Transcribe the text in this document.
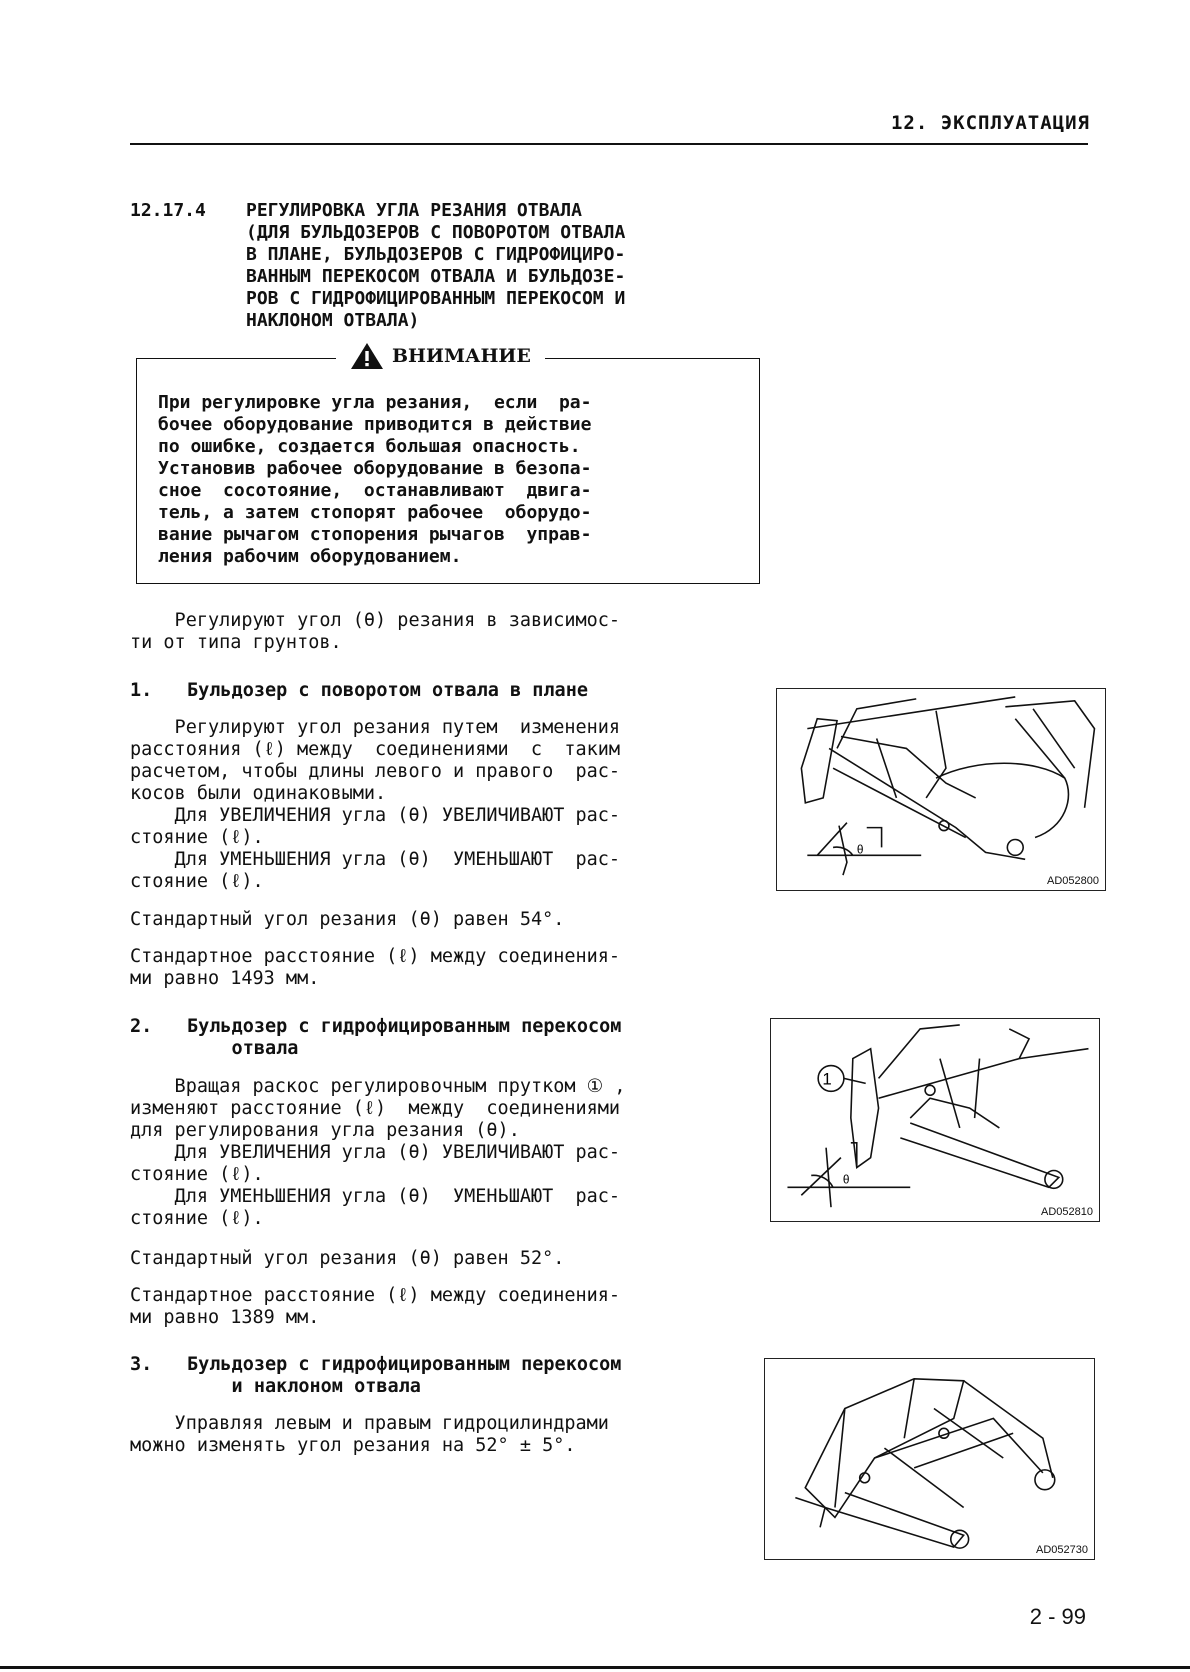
12. ЭКСПЛУАТАЦИЯ
12.17.4 РЕГУЛИРОВКА УГЛА РЕЗАНИЯ ОТВАЛА
(ДЛЯ БУЛЬДОЗЕРОВ С ПОВОРОТОМ ОТВАЛА
В ПЛАНЕ, БУЛЬДОЗЕРОВ С ГИДРОФИЦИРО-
ВАННЫМ ПЕРЕКОСОМ ОТВАЛА И БУЛЬДОЗЕ-
РОВ С ГИДРОФИЦИРОВАННЫМ ПЕРЕКОСОМ И
НАКЛОНОМ ОТВАЛА)
ВНИМАНИЕ
При регулировке угла резания,  если  ра-
бочее оборудование приводится в действие
по ошибке, создается большая опасность.
Установив рабочее оборудование в безопа-
сное  сосотояние,  останавливают  двига-
тель, а затем стопорят рабочее  оборудо-
вание рычагом стопорения рычагов  управ-
ления рабочим оборудованием.
Регулируют угол (θ) резания в зависимос-
ти от типа грунтов.
1. Бульдозер с поворотом отвала в плане
Регулируют угол резания путем  изменения
расстояния (ℓ) между  соединениями  с  таким
расчетом, чтобы длины левого и правого  рас-
косов были одинаковыми.
Для УВЕЛИЧЕНИЯ угла (θ) УВЕЛИЧИВАЮТ рас-
стояние (ℓ).
Для УМЕНЬШЕНИЯ угла (θ)  УМЕНЬШАЮТ  рас-
стояние (ℓ).
Стандартный угол резания (θ) равен 54°.
Стандартное расстояние (ℓ) между соединения-
ми равно 1493 мм.
θ
AD052800
2. Бульдозер с гидрофицированным перекосом
отвала
Вращая раскос регулировочным прутком ① ,
изменяют расстояние (ℓ)  между  соединениями
для регулирования угла резания (θ).
Для УВЕЛИЧЕНИЯ угла (θ) УВЕЛИЧИВАЮТ рас-
стояние (ℓ).
Для УМЕНЬШЕНИЯ угла (θ)  УМЕНЬШАЮТ  рас-
стояние (ℓ).
Стандартный угол резания (θ) равен 52°.
Стандартное расстояние (ℓ) между соединения-
ми равно 1389 мм.
1
θ
AD052810
3. Бульдозер с гидрофицированным перекосом
и наклоном отвала
Управляя левым и правым гидроцилиндрами
можно изменять угол резания на 52° ± 5°.
AD052730
2 - 99
